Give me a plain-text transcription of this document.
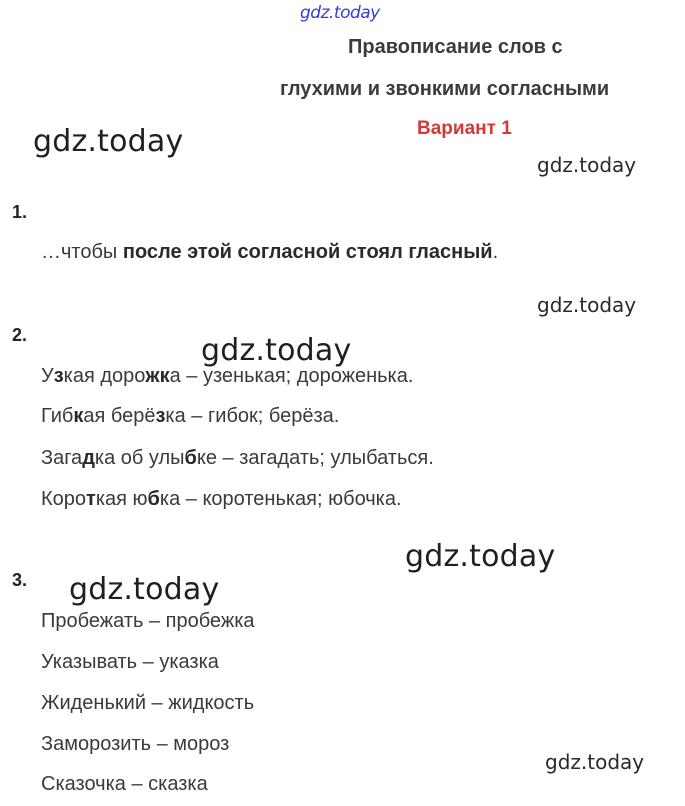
gdz.today
Правописание слов с
глухими и звонкими согласными
gdz.today	Вариант 1
gdz.today
1.
…чтобы после этой согласной стоял гласный.
gdz.today
2.	gdz.today
Узкая дорожка – узенькая; дороженька.
Гибкая берёзка – гибок; берёза.
Загадка об улыбке – загадать; улыбаться.
Короткая юбка – коротенькая; юбочка.
gdz.today
3. gdz.today
Пробежать – пробежка
Указывать – указка
Жиденький – жидкость
Заморозить – мороз
Сказочка – сказка
gdz.today
